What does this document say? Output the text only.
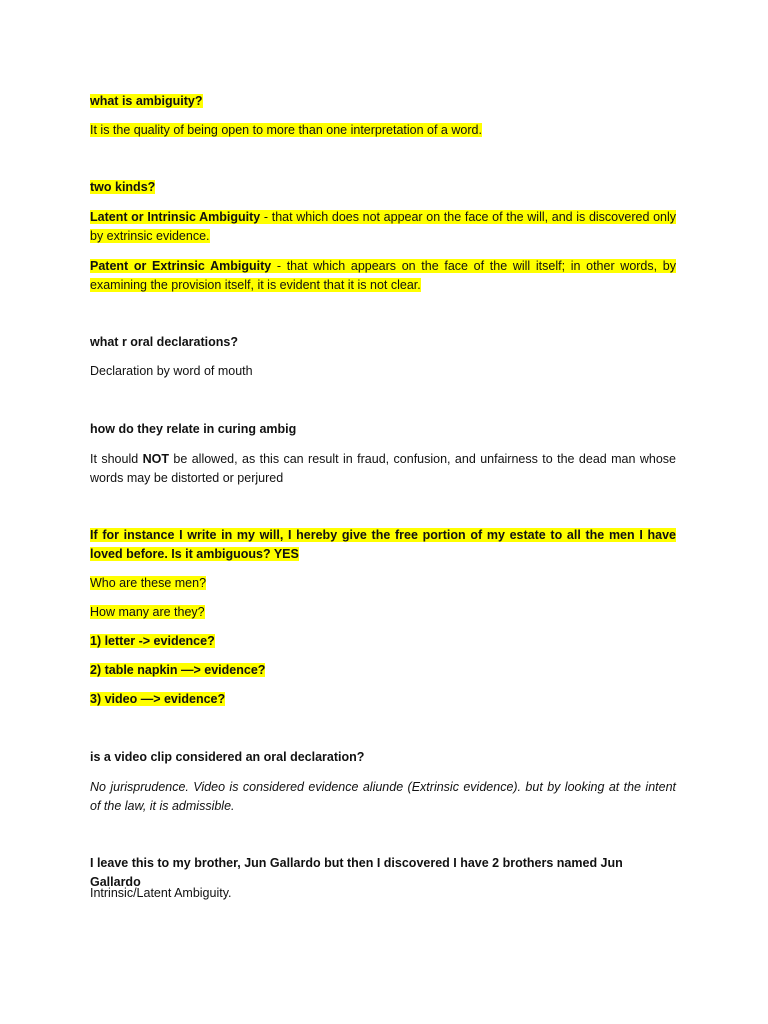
what is ambiguity?

It is the quality of being open to more than one interpretation of a word.

two kinds?

Latent or Intrinsic Ambiguity - that which does not appear on the face of the will, and is discovered only by extrinsic evidence.

Patent or Extrinsic Ambiguity - that which appears on the face of the will itself; in other words, by examining the provision itself, it is evident that it is not clear.

what r oral declarations?

Declaration by word of mouth

how do they relate in curing ambig

It should NOT be allowed, as this can result in fraud, confusion, and unfairness to the dead man whose words may be distorted or perjured

If for instance I write in my will, I hereby give the free portion of my estate to all the men I have loved before. Is it ambiguous? YES

Who are these men?

How many are they?

1) letter -> evidence?

2) table napkin —> evidence?

3) video —> evidence?

is a video clip considered an oral declaration?

No jurisprudence. Video is considered evidence aliunde (Extrinsic evidence). but by looking at the intent of the law, it is admissible.

I leave this to my brother, Jun Gallardo but then I discovered I have 2 brothers named Jun Gallardo

Intrinsic/Latent Ambiguity.
